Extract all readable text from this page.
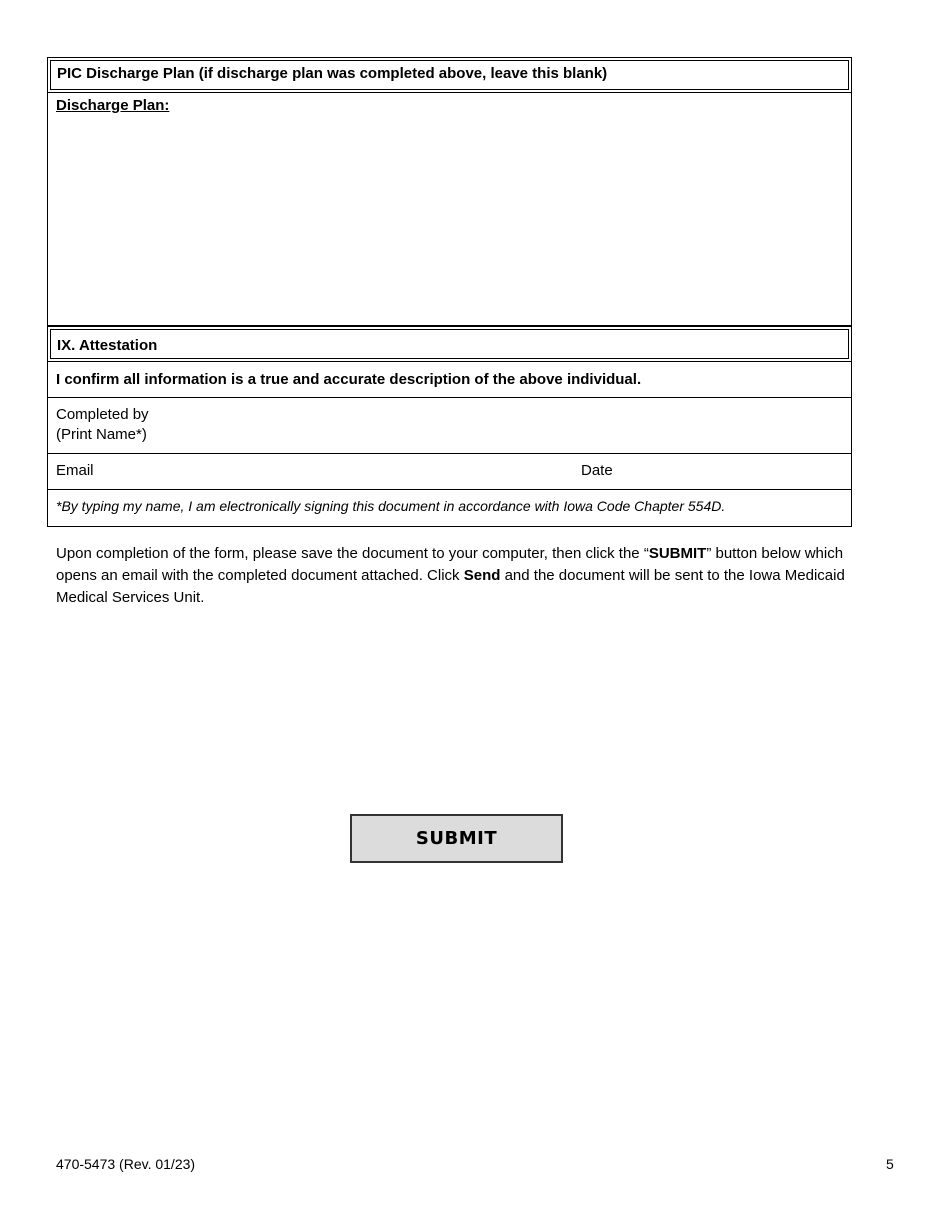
PIC Discharge Plan (if discharge plan was completed above, leave this blank)
Discharge Plan:
IX. Attestation
I confirm all information is a true and accurate description of the above individual.
Completed by
(Print Name*)
Email	Date
*By typing my name, I am electronically signing this document in accordance with Iowa Code Chapter 554D.
Upon completion of the form, please save the document to your computer, then click the “SUBMIT” button below which opens an email with the completed document attached. Click Send and the document will be sent to the Iowa Medicaid Medical Services Unit.
SUBMIT
470-5473 (Rev. 01/23)	5
